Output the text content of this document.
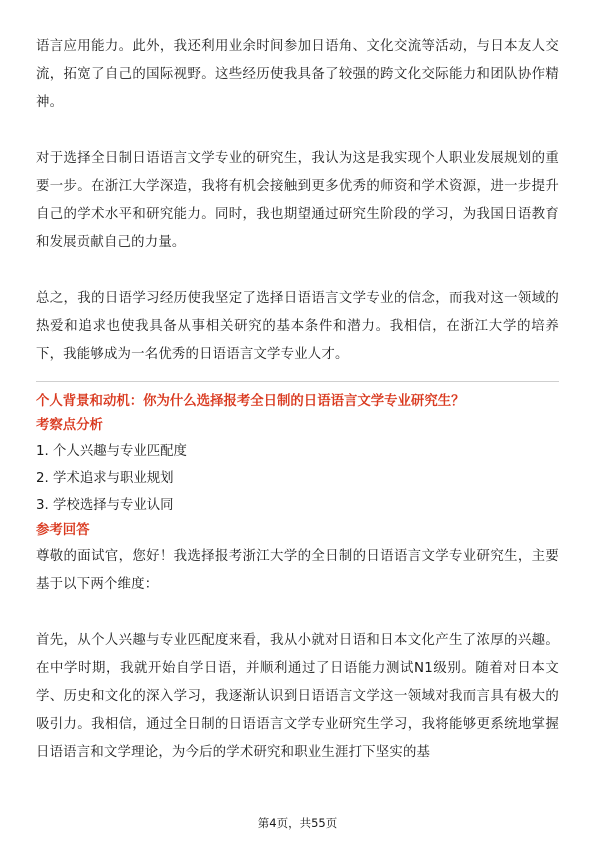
语言应用能力。此外，我还利用业余时间参加日语角、文化交流等活动，与日本友人交流，拓宽了自己的国际视野。这些经历使我具备了较强的跨文化交际能力和团队协作精神。

对于选择全日制日语语言文学专业的研究生，我认为这是我实现个人职业发展规划的重要一步。在浙江大学深造，我将有机会接触到更多优秀的师资和学术资源，进一步提升自己的学术水平和研究能力。同时，我也期望通过研究生阶段的学习，为我国日语教育和发展贡献自己的力量。

总之，我的日语学习经历使我坚定了选择日语语言文学专业的信念，而我对这一领域的热爱和追求也使我具备从事相关研究的基本条件和潜力。我相信，在浙江大学的培养下，我能够成为一名优秀的日语语言文学专业人才。

个人背景和动机：你为什么选择报考全日制的日语语言文学专业研究生？

考察点分析

1. 个人兴趣与专业匹配度
2. 学术追求与职业规划
3. 学校选择与专业认同

参考回答

尊敬的面试官，您好！我选择报考浙江大学的全日制的日语语言文学专业研究生，主要基于以下两个维度：

首先，从个人兴趣与专业匹配度来看，我从小就对日语和日本文化产生了浓厚的兴趣。在中学时期，我就开始自学日语，并顺利通过了日语能力测试N1级别。随着对日本文学、历史和文化的深入学习，我逐渐认识到日语语言文学这一领域对我而言具有极大的吸引力。我相信，通过全日制的日语语言文学专业研究生学习，我将能够更系统地掌握日语语言和文学理论，为今后的学术研究和职业生涯打下坚实的基

第4页，共55页
